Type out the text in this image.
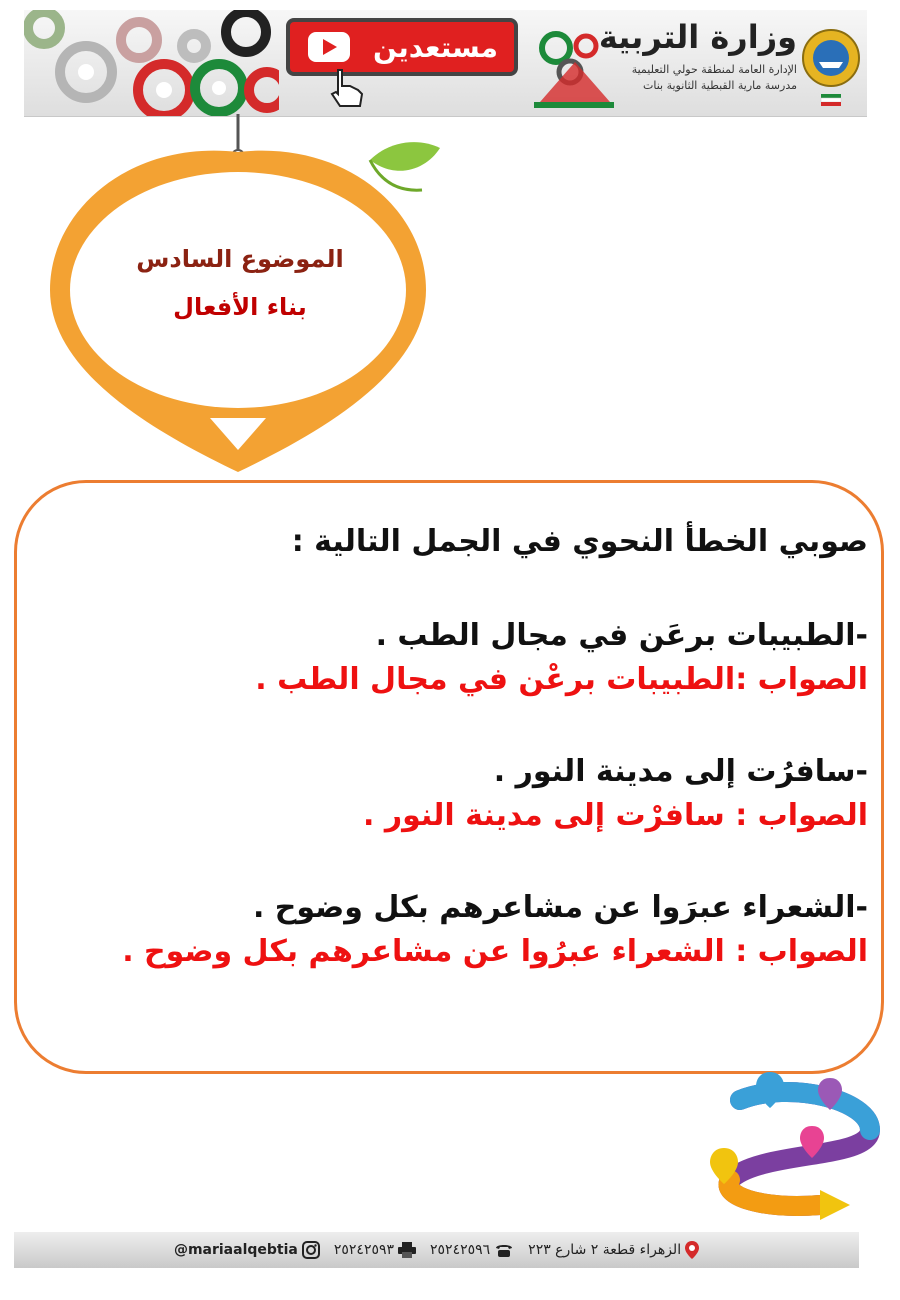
مستعدين	وزارة التربية
الإدارة العامة لمنطقة حولي التعليمية
مدرسة مارية القبطية الثانوية بنات
الموضوع السادس
بناء الأفعال

صوبي الخطأ النحوي في الجمل التالية :

-الطبيبات برعَن في مجال الطب .
الصواب :الطبيبات برعْن في مجال الطب .
-سافرُت إلى مدينة النور .
الصواب : سافرْت إلى مدينة النور .
-الشعراء عبرَوا عن مشاعرهم بكل وضوح .
الصواب : الشعراء عبرُوا عن مشاعرهم بكل وضوح .
الزهراء قطعة ٢ شارع ٢٢٣
٢٥٢٤٢٥٩٦
٢٥٢٤٢٥٩٣
@mariaalqebtia
